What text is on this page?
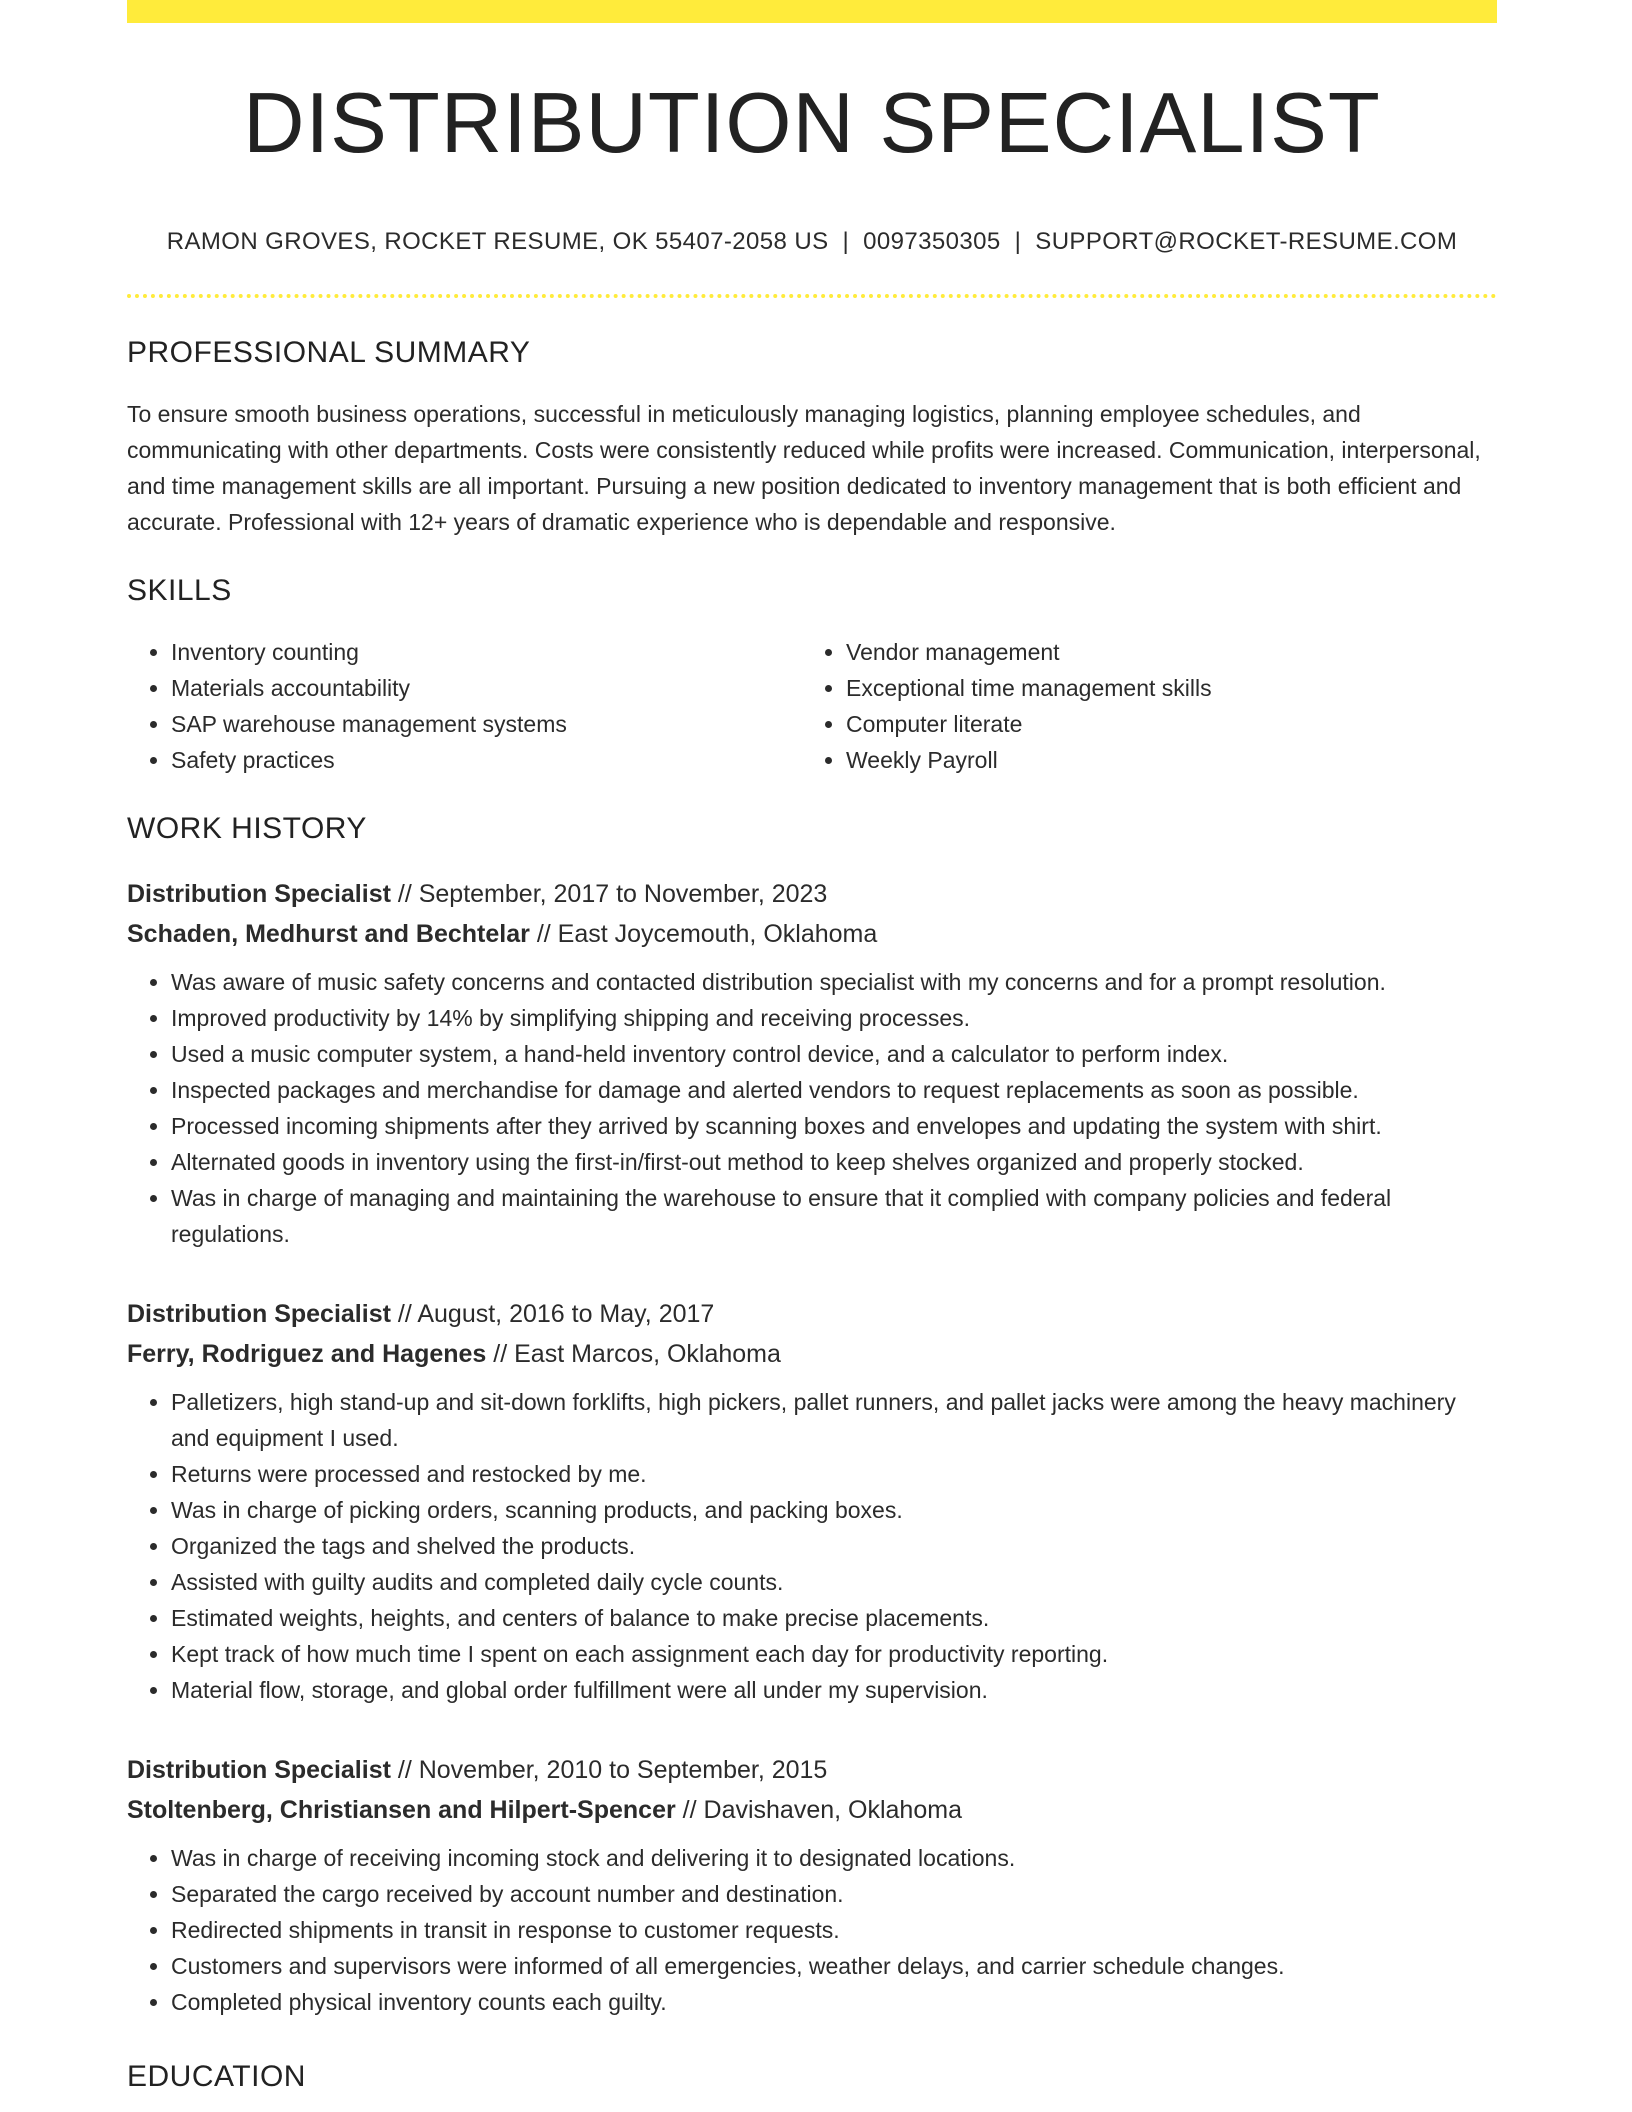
DISTRIBUTION SPECIALIST
RAMON GROVES, ROCKET RESUME, OK 55407-2058 US | 0097350305 | SUPPORT@ROCKET-RESUME.COM
PROFESSIONAL SUMMARY

To ensure smooth business operations, successful in meticulously managing logistics, planning employee schedules, and communicating with other departments. Costs were consistently reduced while profits were increased. Communication, interpersonal, and time management skills are all important. Pursuing a new position dedicated to inventory management that is both efficient and accurate. Professional with 12+ years of dramatic experience who is dependable and responsive.

SKILLS
• Inventory counting
• Materials accountability
• SAP warehouse management systems
• Safety practices
• Vendor management
• Exceptional time management skills
• Computer literate
• Weekly Payroll
WORK HISTORY
Distribution Specialist // September, 2017 to November, 2023
Schaden, Medhurst and Bechtelar // East Joycemouth, Oklahoma
• Was aware of music safety concerns and contacted distribution specialist with my concerns and for a prompt resolution.
• Improved productivity by 14% by simplifying shipping and receiving processes.
• Used a music computer system, a hand-held inventory control device, and a calculator to perform index.
• Inspected packages and merchandise for damage and alerted vendors to request replacements as soon as possible.
• Processed incoming shipments after they arrived by scanning boxes and envelopes and updating the system with shirt.
• Alternated goods in inventory using the first-in/first-out method to keep shelves organized and properly stocked.
• Was in charge of managing and maintaining the warehouse to ensure that it complied with company policies and federal regulations.
Distribution Specialist // August, 2016 to May, 2017
Ferry, Rodriguez and Hagenes // East Marcos, Oklahoma
• Palletizers, high stand-up and sit-down forklifts, high pickers, pallet runners, and pallet jacks were among the heavy machinery and equipment I used.
• Returns were processed and restocked by me.
• Was in charge of picking orders, scanning products, and packing boxes.
• Organized the tags and shelved the products.
• Assisted with guilty audits and completed daily cycle counts.
• Estimated weights, heights, and centers of balance to make precise placements.
• Kept track of how much time I spent on each assignment each day for productivity reporting.
• Material flow, storage, and global order fulfillment were all under my supervision.
Distribution Specialist // November, 2010 to September, 2015
Stoltenberg, Christiansen and Hilpert-Spencer // Davishaven, Oklahoma
• Was in charge of receiving incoming stock and delivering it to designated locations.
• Separated the cargo received by account number and destination.
• Redirected shipments in transit in response to customer requests.
• Customers and supervisors were informed of all emergencies, weather delays, and carrier schedule changes.
• Completed physical inventory counts each guilty.
EDUCATION
